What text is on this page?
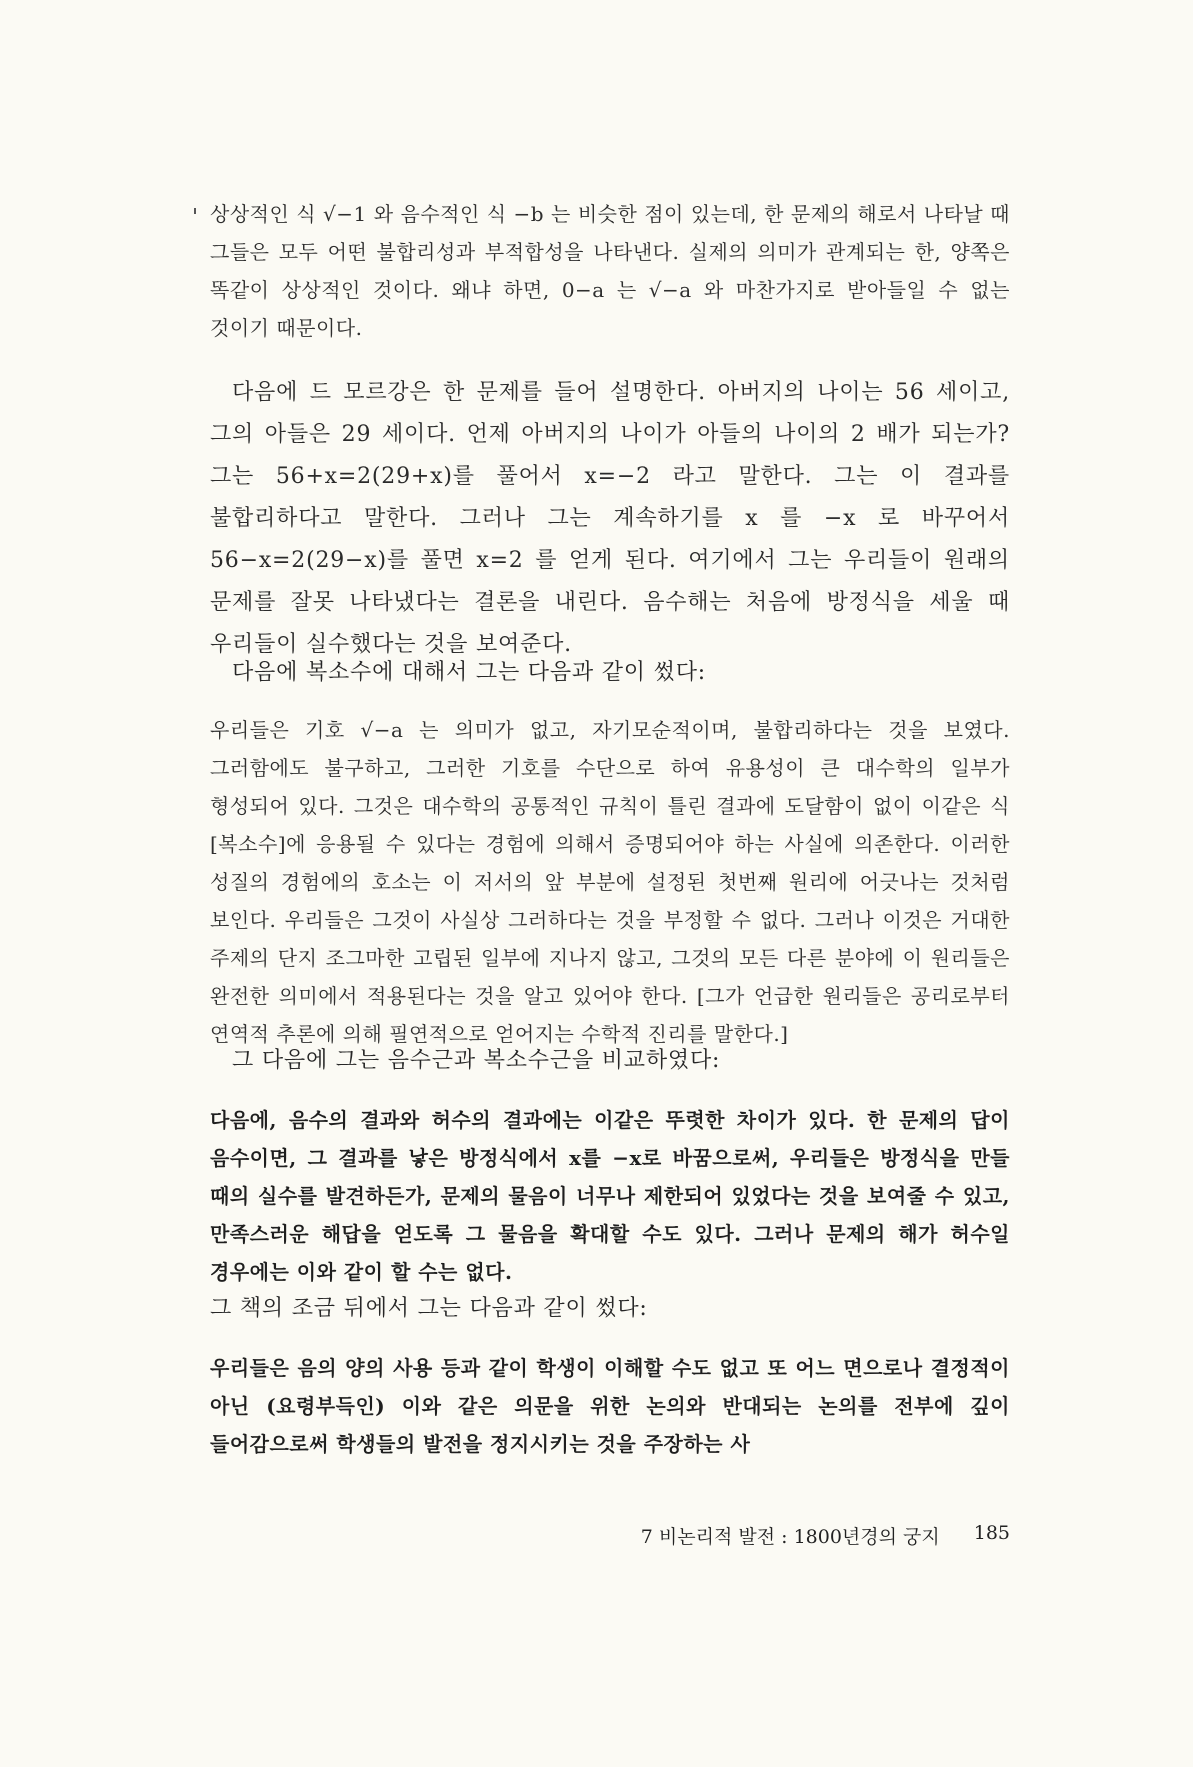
상상적인 식 √−1 와 음수적인 식 −b 는 비슷한 점이 있는데, 한 문제의 해로서 나타날 때 그들은 모두 어떤 불합리성과 부적합성을 나타낸다. 실제의 의미가 관계되는 한, 양쪽은 똑같이 상상적인 것이다. 왜냐 하면, 0−a 는 √−a 와 마찬가지로 받아들일 수 없는 것이기 때문이다.

다음에 드 모르강은 한 문제를 들어 설명한다. 아버지의 나이는 56 세이고, 그의 아들은 29 세이다. 언제 아버지의 나이가 아들의 나이의 2 배가 되는가? 그는 56+x=2(29+x)를 풀어서 x=−2 라고 말한다. 그는 이 결과를 불합리하다고 말한다. 그러나 그는 계속하기를 x 를 −x 로 바꾸어서 56−x=2(29−x)를 풀면 x=2 를 얻게 된다. 여기에서 그는 우리들이 원래의 문제를 잘못 나타냈다는 결론을 내린다. 음수해는 처음에 방정식을 세울 때 우리들이 실수했다는 것을 보여준다.

다음에 복소수에 대해서 그는 다음과 같이 썼다:

우리들은 기호 √−a 는 의미가 없고, 자기모순적이며, 불합리하다는 것을 보였다. 그러함에도 불구하고, 그러한 기호를 수단으로 하여 유용성이 큰 대수학의 일부가 형성되어 있다. 그것은 대수학의 공통적인 규칙이 틀린 결과에 도달함이 없이 이같은 식 [복소수]에 응용될 수 있다는 경험에 의해서 증명되어야 하는 사실에 의존한다. 이러한 성질의 경험에의 호소는 이 저서의 앞 부분에 설정된 첫번째 원리에 어긋나는 것처럼 보인다. 우리들은 그것이 사실상 그러하다는 것을 부정할 수 없다. 그러나 이것은 거대한 주제의 단지 조그마한 고립된 일부에 지나지 않고, 그것의 모든 다른 분야에 이 원리들은 완전한 의미에서 적용된다는 것을 알고 있어야 한다. [그가 언급한 원리들은 공리로부터 연역적 추론에 의해 필연적으로 얻어지는 수학적 진리를 말한다.]

그 다음에 그는 음수근과 복소수근을 비교하였다:

다음에, 음수의 결과와 허수의 결과에는 이같은 뚜렷한 차이가 있다. 한 문제의 답이 음수이면, 그 결과를 낳은 방정식에서 x를 −x로 바꿈으로써, 우리들은 방정식을 만들 때의 실수를 발견하든가, 문제의 물음이 너무나 제한되어 있었다는 것을 보여줄 수 있고, 만족스러운 해답을 얻도록 그 물음을 확대할 수도 있다. 그러나 문제의 해가 허수일 경우에는 이와 같이 할 수는 없다.

그 책의 조금 뒤에서 그는 다음과 같이 썼다:

우리들은 음의 양의 사용 등과 같이 학생이 이해할 수도 없고 또 어느 면으로나 결정적이 아닌 (요령부득인) 이와 같은 의문을 위한 논의와 반대되는 논의를 전부에 깊이 들어감으로써 학생들의 발전을 정지시키는 것을 주장하는 사

7 비논리적 발전 : 1800년경의 궁지 185
